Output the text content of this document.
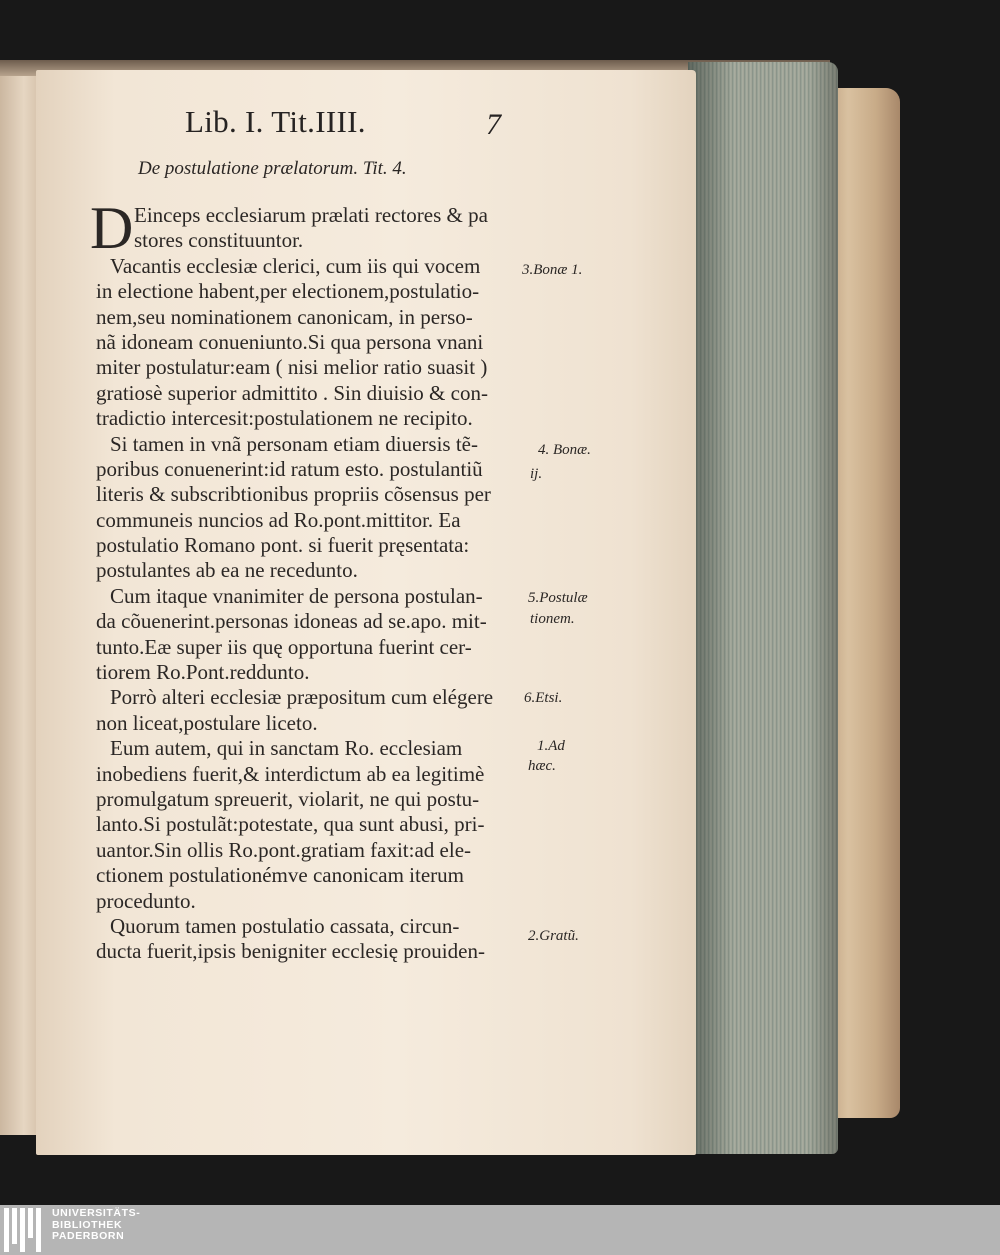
Lib. I. Tit.IIII.	7
De postulatione prælatorum. Tit. 4.
D Einceps ecclesiarum prælati rectores & pa
stores constituuntor.
Vacantis ecclesiæ clerici, cum iis qui vocem
in electione habent,per electionem,postulatio-
nem,seu nominationem canonicam, in perso-
nã idoneam conueniunto.Si qua persona vnani
miter postulatur:eam ( nisi melior ratio suasit )
gratiosè superior admittito . Sin diuisio & con-
tradictio intercesit:postulationem ne recipito.
Si tamen in vnã personam etiam diuersis tẽ-
poribus conuenerint:id ratum esto. postulantiũ
literis & subscribtionibus propriis cõsensus per
communeis nuncios ad Ro.pont.mittitor. Ea
postulatio Romano pont. si fuerit pręsentata:
postulantes ab ea ne recedunto.
Cum itaque vnanimiter de persona postulan-
da cõuenerint.personas idoneas ad se.apo. mit-
tunto.Eæ super iis quę opportuna fuerint cer-
tiorem Ro.Pont.reddunto.
Porrò alteri ecclesiæ præpositum cum elégere
non liceat,postulare liceto.
Eum autem, qui in sanctam Ro. ecclesiam
inobediens fuerit,& interdictum ab ea legitimè
promulgatum spreuerit, violarit, ne qui postu-
lanto.Si postulãt:potestate, qua sunt abusi, pri-
uantor.Sin ollis Ro.pont.gratiam faxit:ad ele-
ctionem postulationémve canonicam iterum
procedunto.
Quorum tamen postulatio cassata, circun-
ducta fuerit,ipsis benigniter ecclesię prouiden-
3.Bonæ 1.
4. Bonæ.
ij.
5.Postulæ
tionem.
6.Etsi.
1.Ad
hæc.
2.Gratũ.
UNIVERSITÄTS-
BIBLIOTHEK
PADERBORN
